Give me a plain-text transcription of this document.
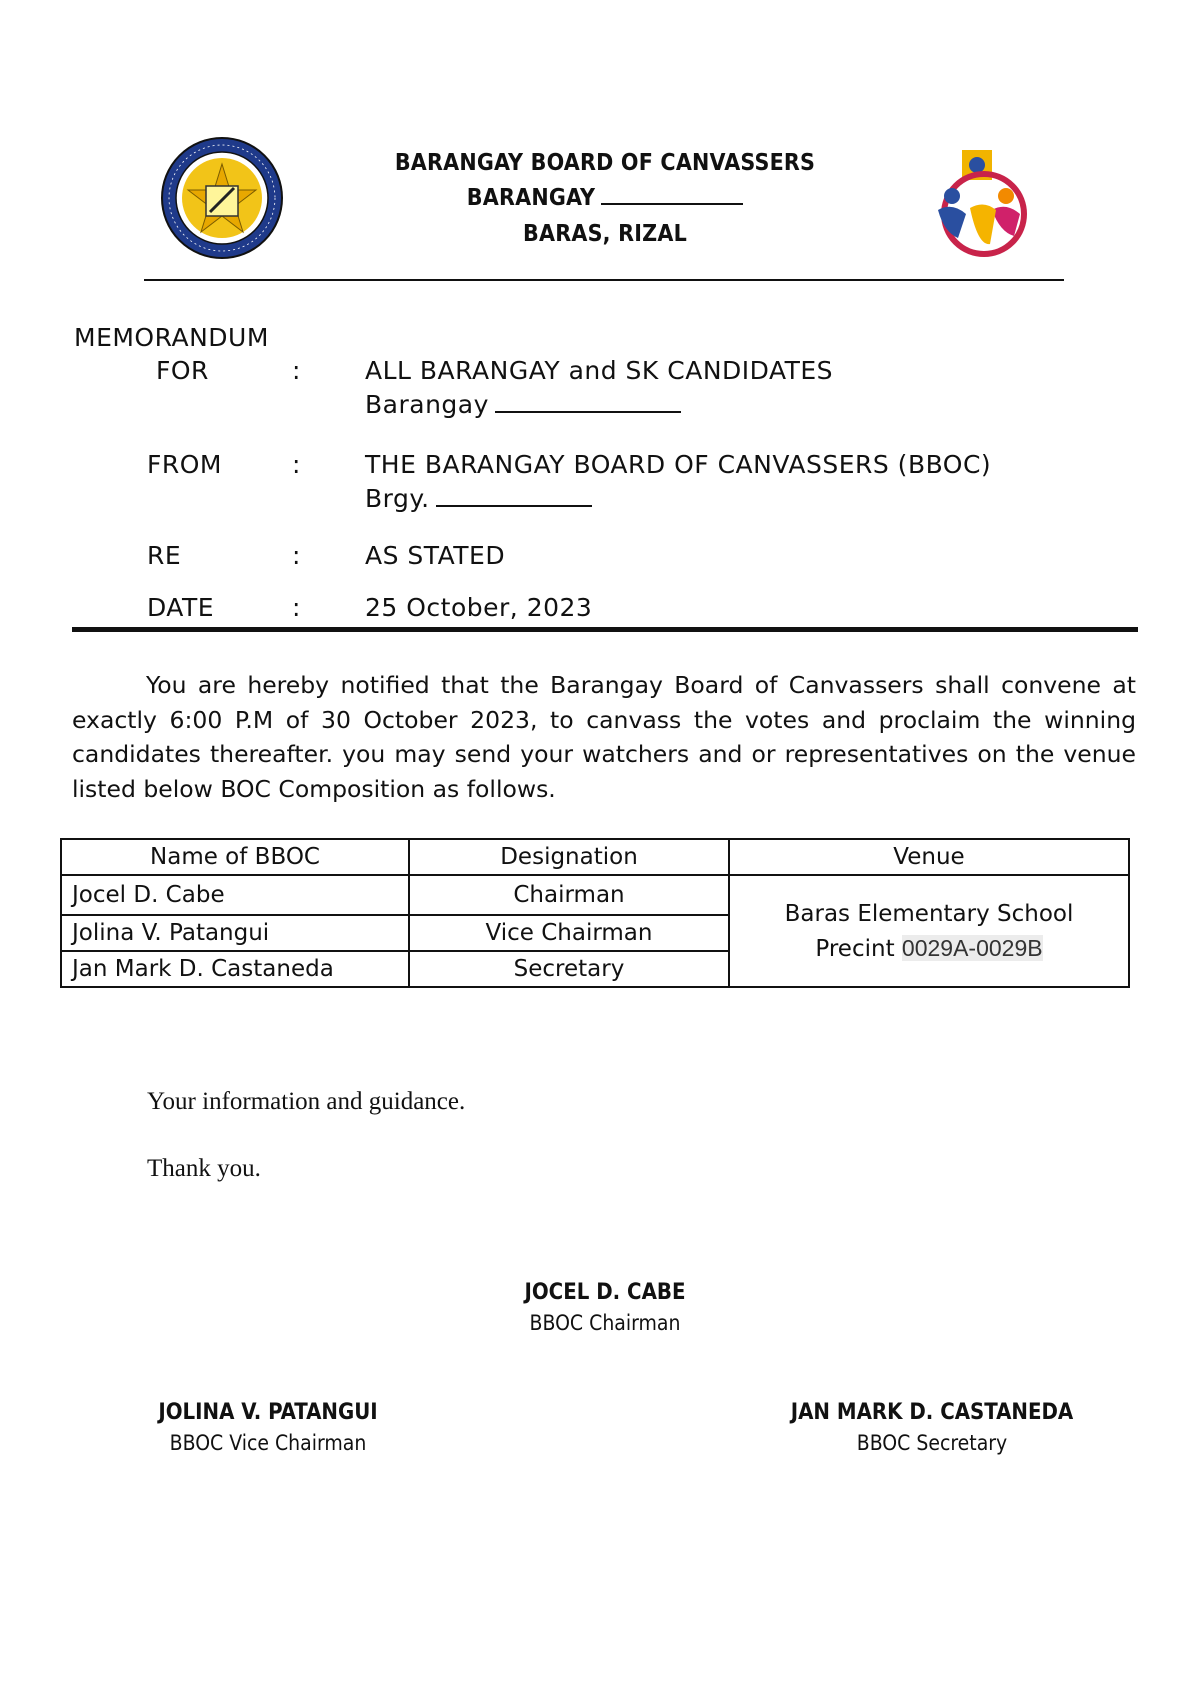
BARANGAY BOARD OF CANVASSERS
BARANGAY
BARAS, RIZAL
MEMORANDUM
FOR	:	ALL BARANGAY and SK CANDIDATES
Barangay
FROM	:	THE BARANGAY BOARD OF CANVASSERS (BBOC)
Brgy.
RE	:	AS STATED
DATE	:	25 October, 2023
You are hereby notified that the Barangay Board of Canvassers shall convene at exactly 6:00 P.M of 30 October 2023, to canvass the votes and proclaim the winning candidates thereafter. you may send your watchers and or representatives on the venue listed below BOC Composition as follows.
Name of BBOC	Designation	Venue
Jocel D. Cabe	Chairman	Baras Elementary School
Precint 0029A-0029B

Jolina V. Patangui	Vice Chairman	
Jan Mark D. Castaneda	Secretary	
Your information and guidance.
Thank you.
JOCEL D. CABE
BBOC Chairman
JOLINA V. PATANGUI
BBOC Vice Chairman
JAN MARK D. CASTANEDA
BBOC Secretary
